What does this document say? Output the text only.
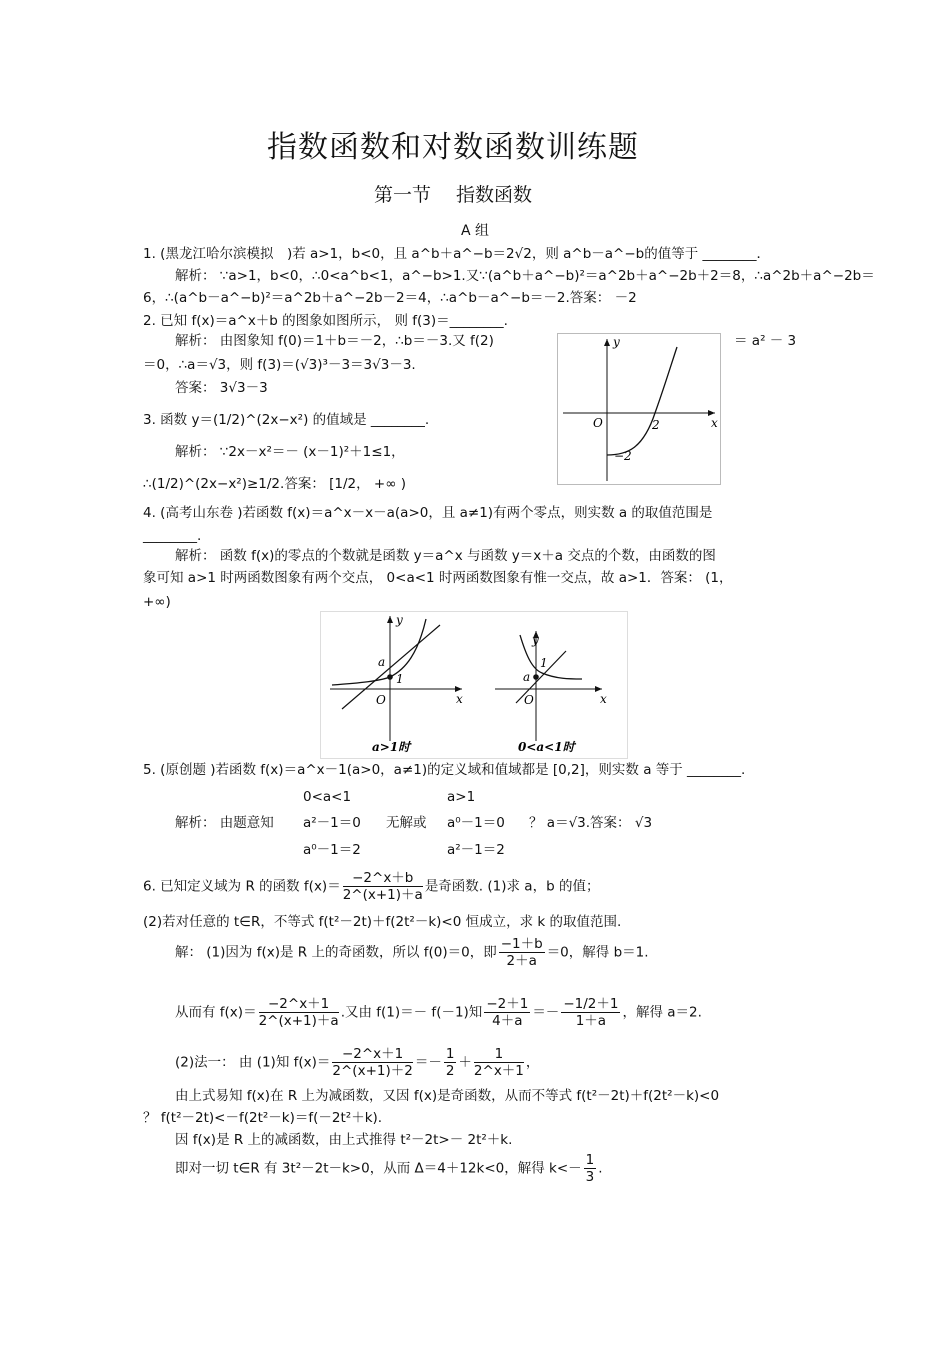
指数函数和对数函数训练题
第一节　 指数函数
A 组
1. (黑龙江哈尔滨模拟　)若 a>1，b<0，且 a^b＋a^−b＝2√2，则 a^b－a^−b的值等于 ________．
解析： ∵a>1，b<0，∴0<a^b<1，a^−b>1.又∵(a^b＋a^−b)²＝a^2b＋a^−2b＋2＝8，∴a^2b＋a^−2b＝
6，∴(a^b－a^−b)²＝a^2b＋a^−2b－2＝4，∴a^b－a^−b＝－2.答案： －2
2. 已知 f(x)＝a^x＋b 的图象如图所示， 则 f(3)＝________.
解析： 由图象知 f(0)＝1＋b＝－2，∴b＝－3.又 f(2)	＝ a² － 3
＝0，∴a＝√3，则 f(3)＝(√3)³－3＝3√3－3.
答案： 3√3－3
y
x
O	2
−2
3. 函数 y＝(1/2)^(2x−x²) 的值域是 ________.
解析： ∵2x－x²＝－ (x－1)²＋1≤1，
∴(1/2)^(2x−x²)≥1/2.答案： [1/2， +∞ )
4. (高考山东卷 )若函数 f(x)＝a^x－x－a(a>0，且 a≠1)有两个零点，则实数 a 的取值范围是
________.
解析： 函数 f(x)的零点的个数就是函数 y＝a^x 与函数 y＝x＋a 交点的个数，由函数的图
象可知 a>1 时两函数图象有两个交点， 0<a<1 时两函数图象有惟一交点，故 a>1．答案： (1，
+∞)
y
x
O
a
1
a>1时
y
x
O
a
1
0<a<1时
5. (原创题 )若函数 f(x)＝a^x－1(a>0，a≠1)的定义域和值域都是 [0,2]，则实数 a 等于 ________.
0<a<1	a>1
解析： 由题意知 a²－1＝0 无解或 a⁰－1＝0 ？ a＝√3.答案： √3
a⁰－1＝2	a²－1＝2
6. 已知定义域为 R 的函数 $f(x)= \frac{-2\^{}x+b}{2\^{}(x+1)+a}$ 是奇函数. (1)求 a，b 的值；
(2)若对任意的 t∈R，不等式 f(t²－2t)＋f(2t²－k)<0 恒成立，求 k 的取值范围.
解： (1)因为 f(x)是 R 上的奇函数，所以 f(0)＝0，即 $\frac{-1+b}{2+a} =0$，解得 b＝1.
从而有 $f(x)= \frac{-2\^{}x+1}{2\^{}(x+1)+a}$ .又由 f(1)＝－ f(－1)知 $\frac{-2+1}{4+a} =- \frac{-1/2+1}{1+a}$ ，解得 a＝2.
(2)法一： 由 (1)知 $f(x)= \frac{-2\^{}x+1}{2\^{}(x+1)+2} =- \frac{1}{2} + \frac{1}{2\^{}x+1}$ ，
由上式易知 f(x)在 R 上为减函数，又因 f(x)是奇函数，从而不等式 f(t²－2t)＋f(2t²－k)<0
？ f(t²－2t)<－f(2t²－k)＝f(－2t²＋k).
因 f(x)是 R 上的减函数，由上式推得 t²－2t>－ 2t²＋k.
即对一切 t∈R 有 3t²－2t－k>0，从而 Δ＝4＋12k<0，解得 $k<- \frac{1}{3}$ .
